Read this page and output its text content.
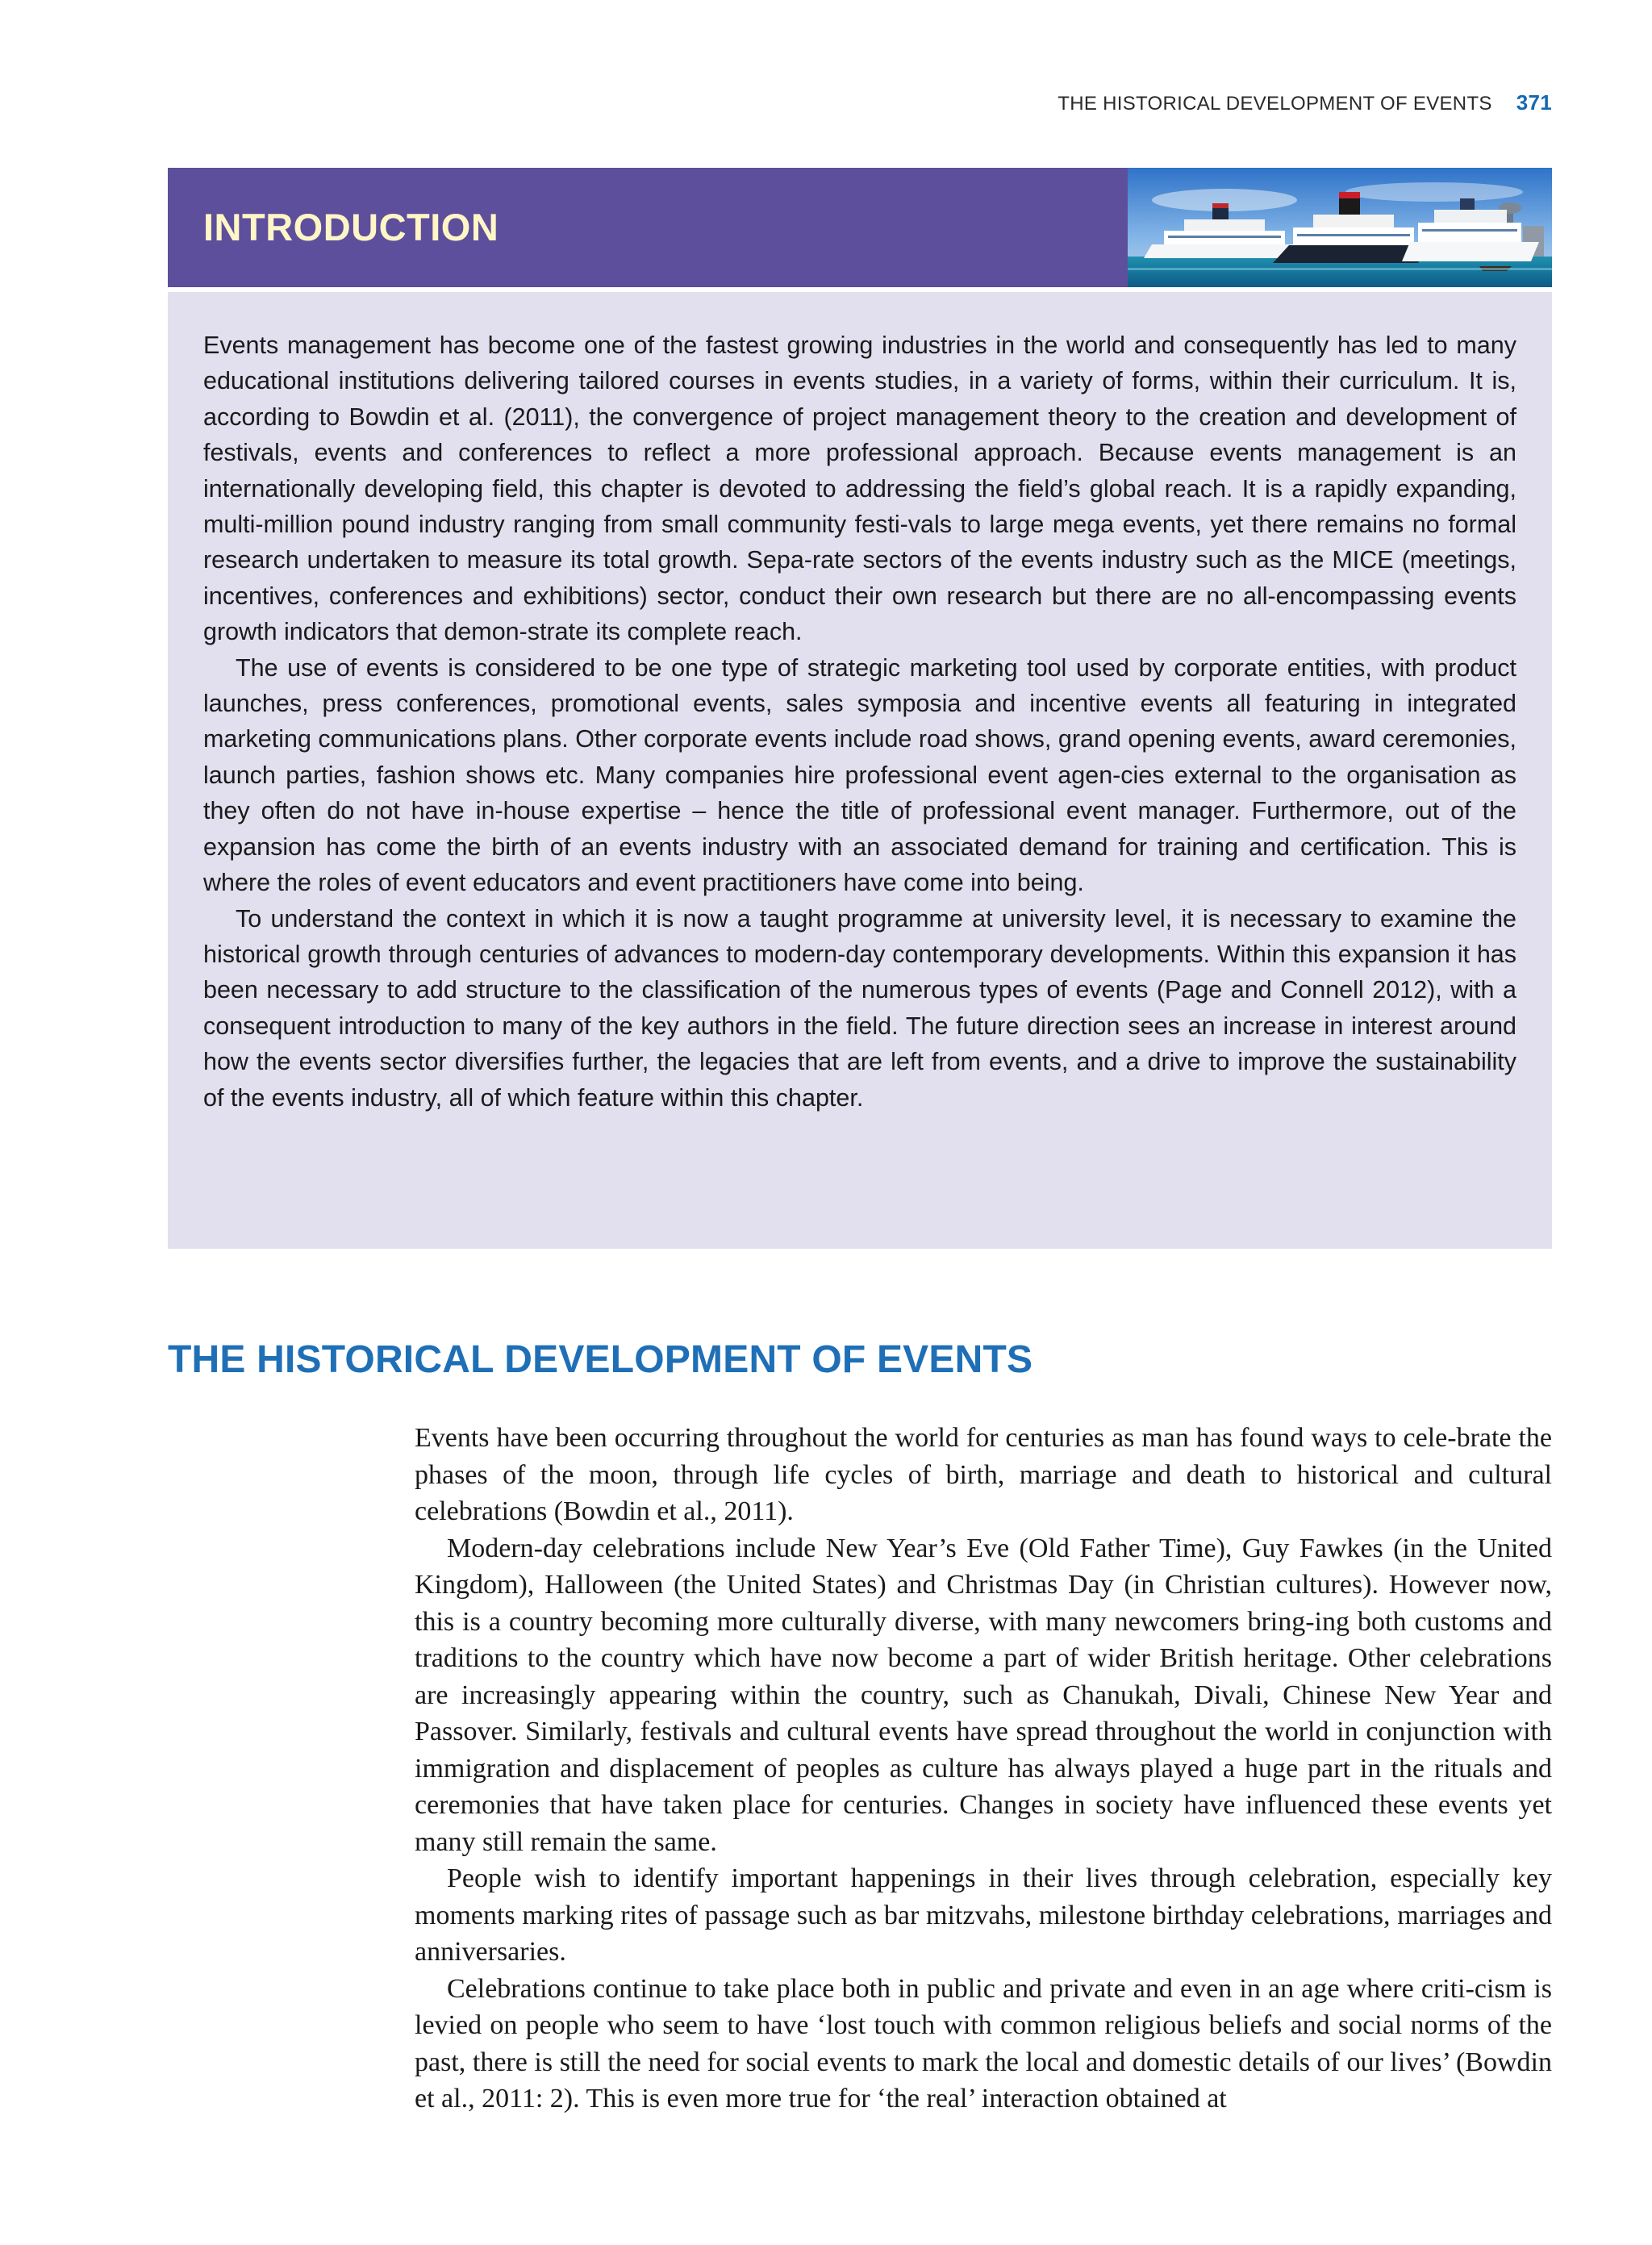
THE HISTORICAL DEVELOPMENT OF EVENTS 371
INTRODUCTION

Events management has become one of the fastest growing industries in the world and consequently has led to many educational institutions delivering tailored courses in events studies, in a variety of forms, within their curriculum. It is, according to Bowdin et al. (2011), the convergence of project management theory to the creation and development of festivals, events and conferences to reflect a more professional approach. Because events management is an internationally developing field, this chapter is devoted to addressing the field’s global reach. It is a rapidly expanding, multi-million pound industry ranging from small community festi-vals to large mega events, yet there remains no formal research undertaken to measure its total growth. Sepa-rate sectors of the events industry such as the MICE (meetings, incentives, conferences and exhibitions) sector, conduct their own research but there are no all-encompassing events growth indicators that demon-strate its complete reach.

The use of events is considered to be one type of strategic marketing tool used by corporate entities, with product launches, press conferences, promotional events, sales symposia and incentive events all featuring in integrated marketing communications plans. Other corporate events include road shows, grand opening events, award ceremonies, launch parties, fashion shows etc. Many companies hire professional event agen-cies external to the organisation as they often do not have in-house expertise – hence the title of professional event manager. Furthermore, out of the expansion has come the birth of an events industry with an associated demand for training and certification. This is where the roles of event educators and event practitioners have come into being.

To understand the context in which it is now a taught programme at university level, it is necessary to examine the historical growth through centuries of advances to modern-day contemporary developments. Within this expansion it has been necessary to add structure to the classification of the numerous types of events (Page and Connell 2012), with a consequent introduction to many of the key authors in the field. The future direction sees an increase in interest around how the events sector diversifies further, the legacies that are left from events, and a drive to improve the sustainability of the events industry, all of which feature within this chapter.

THE HISTORICAL DEVELOPMENT OF EVENTS

Events have been occurring throughout the world for centuries as man has found ways to cele-brate the phases of the moon, through life cycles of birth, marriage and death to historical and cultural celebrations (Bowdin et al., 2011).

Modern-day celebrations include New Year’s Eve (Old Father Time), Guy Fawkes (in the United Kingdom), Halloween (the United States) and Christmas Day (in Christian cultures). However now, this is a country becoming more culturally diverse, with many newcomers bring-ing both customs and traditions to the country which have now become a part of wider British heritage. Other celebrations are increasingly appearing within the country, such as Chanukah, Divali, Chinese New Year and Passover. Similarly, festivals and cultural events have spread throughout the world in conjunction with immigration and displacement of peoples as culture has always played a huge part in the rituals and ceremonies that have taken place for centuries. Changes in society have influenced these events yet many still remain the same.

People wish to identify important happenings in their lives through celebration, especially key moments marking rites of passage such as bar mitzvahs, milestone birthday celebrations, marriages and anniversaries.

Celebrations continue to take place both in public and private and even in an age where criti-cism is levied on people who seem to have ‘lost touch with common religious beliefs and social norms of the past, there is still the need for social events to mark the local and domestic details of our lives’ (Bowdin et al., 2011: 2). This is even more true for ‘the real’ interaction obtained at
